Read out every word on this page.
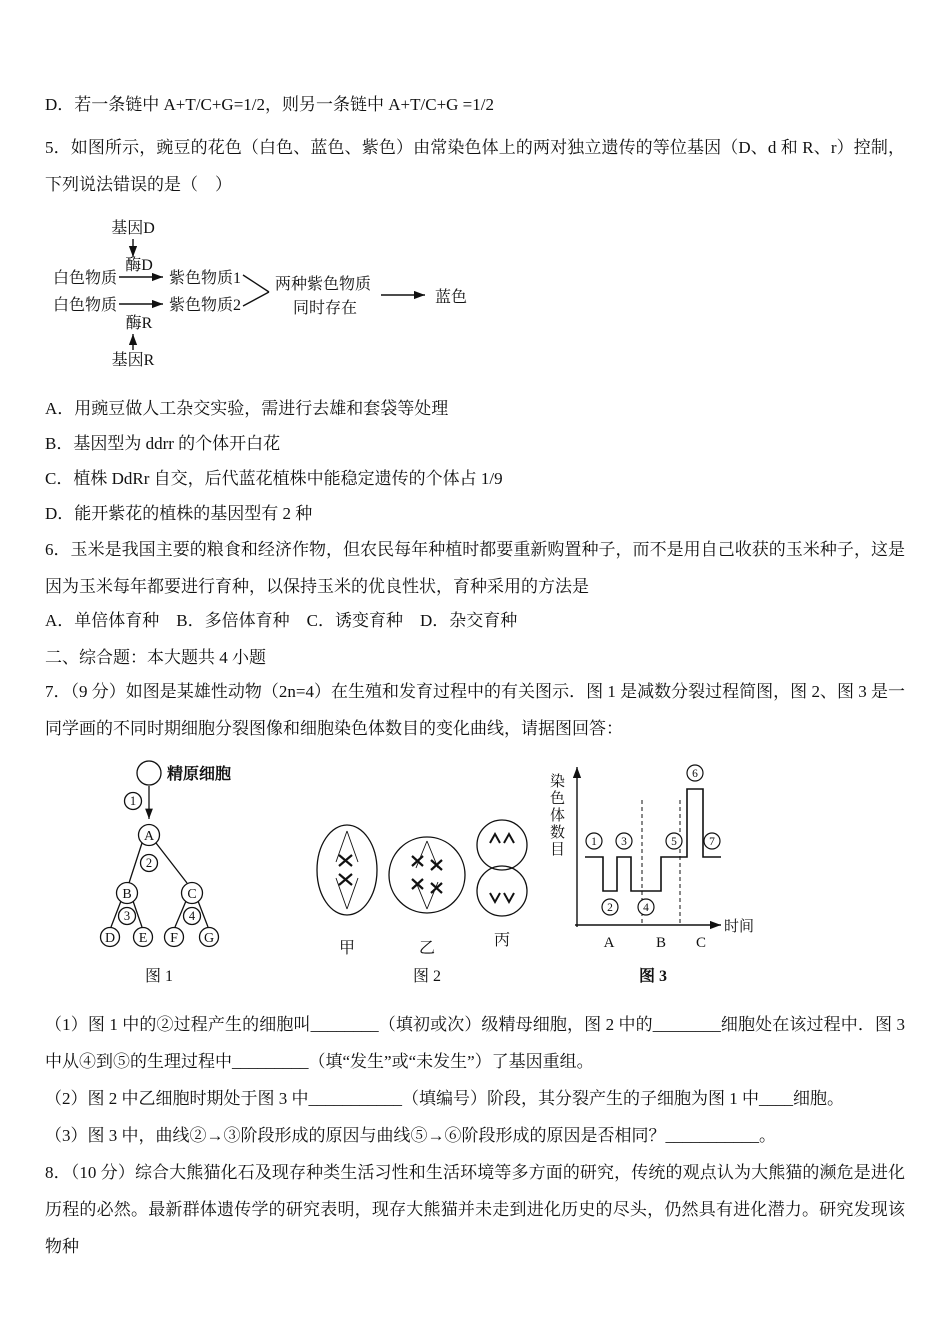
D．若一条链中 A+T/C+G=1/2，则另一条链中 A+T/C+G =1/2

5．如图所示，豌豆的花色（白色、蓝色、紫色）由常染色体上的两对独立遗传的等位基因（D、d 和 R、r）控制，下列说法错误的是（　）

基因D
酶D
白色物质	紫色物质1
白色物质	紫色物质2
酶R
基因R
两种紫色物质
同时存在
蓝色

A．用豌豆做人工杂交实验，需进行去雄和套袋等处理

B．基因型为 ddrr 的个体开白花

C．植株 DdRr 自交，后代蓝花植株中能稳定遗传的个体占 1/9

D．能开紫花的植株的基因型有 2 种

6．玉米是我国主要的粮食和经济作物，但农民每年种植时都要重新购置种子，而不是用自己收获的玉米种子，这是因为玉米每年都要进行育种，以保持玉米的优良性状，育种采用的方法是

A．单倍体育种　B．多倍体育种　C．诱变育种　D．杂交育种

二、综合题：本大题共 4 小题

7．（9 分）如图是某雄性动物（2n=4）在生殖和发育过程中的有关图示．图 1 是减数分裂过程简图，图 2、图 3 是一同学画的不同时期细胞分裂图像和细胞染色体数目的变化曲线，请据图回答：

精原细胞
1
A
2
B	C
3	4
D E F G
图 1
甲	乙	丙
图 2
1
2
3
4
5
6
7
染色体数目
时间
A	B C
图 3

（1）图 1 中的②过程产生的细胞叫________（填初或次）级精母细胞，图 2 中的________细胞处在该过程中．图 3 中从④到⑤的生理过程中_________（填“发生”或“未发生”）了基因重组。

（2）图 2 中乙细胞时期处于图 3 中___________（填编号）阶段，其分裂产生的子细胞为图 1 中____细胞。

（3）图 3 中，曲线②→③阶段形成的原因与曲线⑤→⑥阶段形成的原因是否相同？___________。

8．（10 分）综合大熊猫化石及现存种类生活习性和生活环境等多方面的研究，传统的观点认为大熊猫的濒危是进化历程的必然。最新群体遗传学的研究表明，现存大熊猫并未走到进化历史的尽头，仍然具有进化潜力。研究发现该物种
